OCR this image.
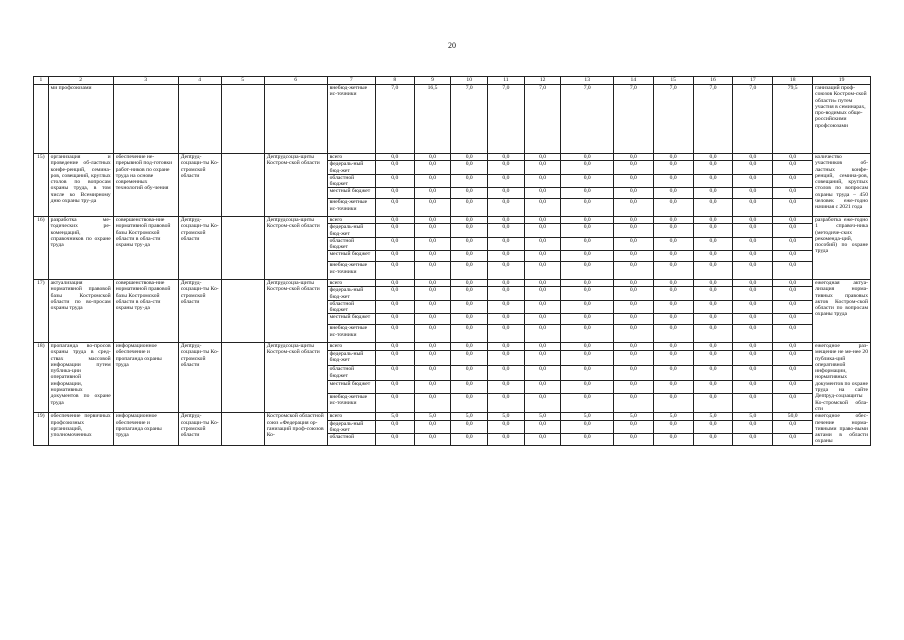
20
1	2	3	4	5	6	7	8	9	10	11	12	13	14	15	16	17	18	19
	ми профсоюзами					внебюд-жетные ис-точники	7,0	16,5	7,0	7,0	7,0	7,0	7,0	7,0	7,0	7,0	79,5	ганизаций проф-союзов Костром-ской области» путем участия в семинарах, про-водимых обще-российскими профсоюзами
15)	организация и проведение об-ластных конфе-ренций, семина-ров, совещаний, круглых столов по вопросам охраны труда, в том числе ко Всемирному дню охраны тру-да	обеспечение не-прерывной под-готовки работ-ников по охране труда на основе современных технологий обу-чения	Депtруд-соцзащи-ты Ко-стромской области		Депtрудсоцза-щиты Костром-ской области	всего	0,0	0,0	0,0	0,0	0,0	0,0	0,0	0,0	0,0	0,0	0,0	количество участников об-ластных конфе-ренций, семина-ров, совещаний, круглых столов по вопросам охраны труда – 450 человек еже-годно начиная с 2021 года
						федераль-ный бюд-жет	0,0	0,0	0,0	0,0	0,0	0,0	0,0	0,0	0,0	0,0	0,0	
						областной бюджет	0,0	0,0	0,0	0,0	0,0	0,0	0,0	0,0	0,0	0,0	0,0	
						местный бюджет	0,0	0,0	0,0	0,0	0,0	0,0	0,0	0,0	0,0	0,0	0,0	
						внебюд-жетные ис-точники	0,0	0,0	0,0	0,0	0,0	0,0	0,0	0,0	0,0	0,0	0,0	
16)	разработка ме-тодических ре-комендаций, справочников по охране труда	совершенствова-ние нормативной правовой базы Костромской области в обла-сти охраны тру-да	Депtруд-соцзащи-ты Ко-стромской области		Депtрудсоцза-щиты Костром-ской области	всего	0,0	0,0	0,0	0,0	0,0	0,0	0,0	0,0	0,0	0,0	0,0	разработка еже-годно 1 справоч-ника (методиче-ских рекоменда-ций, пособий) по охране труда
						федераль-ный бюд-жет	0,0	0,0	0,0	0,0	0,0	0,0	0,0	0,0	0,0	0,0	0,0	
						областной бюджет	0,0	0,0	0,0	0,0	0,0	0,0	0,0	0,0	0,0	0,0	0,0	
						местный бюджет	0,0	0,0	0,0	0,0	0,0	0,0	0,0	0,0	0,0	0,0	0,0	
						внебюд-жетные ис-точники	0,0	0,0	0,0	0,0	0,0	0,0	0,0	0,0	0,0	0,0	0,0	
17)	актуализация нормативной правовой базы Костромской области по во-просам охраны труда	совершенствова-ние нормативной правовой базы Костромской области в обла-сти охраны тру-да	Депtруд-соцзащи-ты Ко-стромской области		Депtрудсоцза-щиты Костром-ской области	всего	0,0	0,0	0,0	0,0	0,0	0,0	0,0	0,0	0,0	0,0	0,0	ежегодная актуа-лизация норма-тивных правовых актов Костром-ской области по вопросам охраны труда
						федераль-ный бюд-жет	0,0	0,0	0,0	0,0	0,0	0,0	0,0	0,0	0,0	0,0	0,0	
						областной бюджет	0,0	0,0	0,0	0,0	0,0	0,0	0,0	0,0	0,0	0,0	0,0	
						местный бюджет	0,0	0,0	0,0	0,0	0,0	0,0	0,0	0,0	0,0	0,0	0,0	
						внебюд-жетные ис-точники	0,0	0,0	0,0	0,0	0,0	0,0	0,0	0,0	0,0	0,0	0,0	
18)	пропаганда во-просов охраны труда в сред-ствах массовой информации путем публика-ции оперативной информации, нормативных документов по охране труда	информационное обеспечение и пропаганда охраны труда	Депtруд-соцзащи-ты Ко-стромской области		Депtрудсоцза-щиты Костром-ской области	всего	0,0	0,0	0,0	0,0	0,0	0,0	0,0	0,0	0,0	0,0	0,0	ежегодное раз-мещение не ме-нее 20 публика-ций оперативной информации, нормативных документов по охране труда на сайте Депtруд-соцзащиты Ко-стромской обла-сти
						федераль-ный бюд-жет	0,0	0,0	0,0	0,0	0,0	0,0	0,0	0,0	0,0	0,0	0,0	
						областной бюджет	0,0	0,0	0,0	0,0	0,0	0,0	0,0	0,0	0,0	0,0	0,0	
						местный бюджет	0,0	0,0	0,0	0,0	0,0	0,0	0,0	0,0	0,0	0,0	0,0	
						внебюд-жетные ис-точники	0,0	0,0	0,0	0,0	0,0	0,0	0,0	0,0	0,0	0,0	0,0	
19)	обеспечение первичных профсоюзных организаций, уполномоченных	информационное обеспечение и пропаганда охраны труда	Депtруд-соцзащи-ты Ко-стромской области		Костромской областной союз «Федерация ор-ганизаций проф-союзов Ко-	всего	5,0	5,0	5,0	5,0	5,0	5,0	5,0	5,0	5,0	5,0	50,0	ежегодное обес-печение норма-тивными право-выми актами в области охраны
						федераль-ный бюд-жет	0,0	0,0	0,0	0,0	0,0	0,0	0,0	0,0	0,0	0,0	0,0	
						областной	0,0	0,0	0,0	0,0	0,0	0,0	0,0	0,0	0,0	0,0	0,0	
